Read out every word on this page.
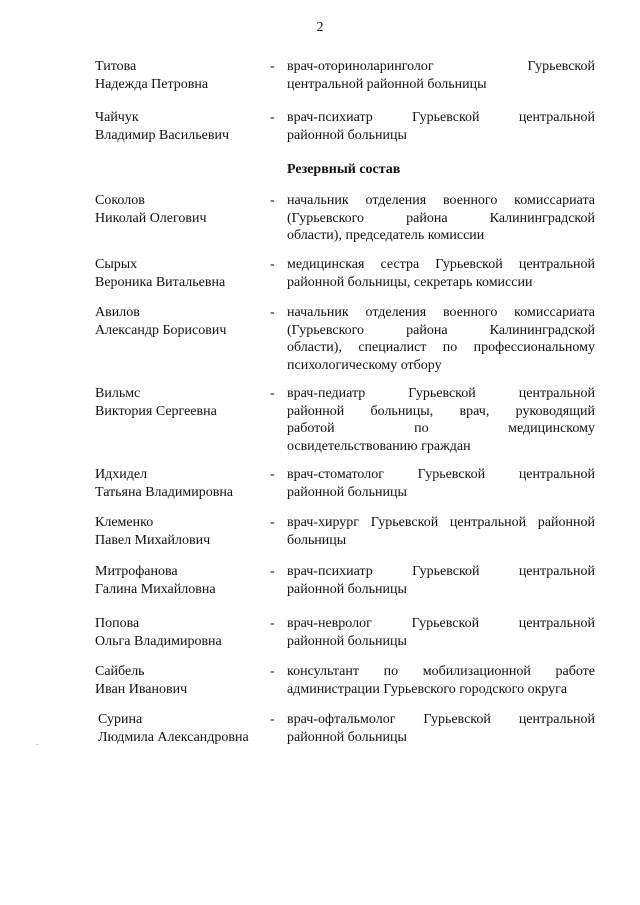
2
Титова
Надежда Петровна
- врач-оториноларинголог Гурьевской
центральной районной больницы
Чайчук
Владимир Васильевич
- врач-психиатр Гурьевской центральной
районной больницы
Резервный состав
Соколов
Николай Олегович
- начальник отделения военного комиссариата
(Гурьевского района Калининградской
области), председатель комиссии
Сырых
Вероника Витальевна
- медицинская сестра Гурьевской центральной
районной больницы, секретарь комиссии
Авилов
Александр Борисович
- начальник отделения военного комиссариата
(Гурьевского района Калининградской
области), специалист по профессиональному
психологическому отбору
Вильмс
Виктория Сергеевна
- врач-педиатр Гурьевской центральной
районной больницы, врач, руководящий
работой по медицинскому
освидетельствованию граждан
Идхидел
Татьяна Владимировна
- врач-стоматолог Гурьевской центральной
районной больницы
Клеменко
Павел Михайлович
- врач-хирург Гурьевской центральной районной
больницы
Митрофанова
Галина Михайловна
- врач-психиатр Гурьевской центральной
районной больницы
Попова
Ольга Владимировна
- врач-невролог Гурьевской центральной
районной больницы
Сайбель
Иван Иванович
- консультант по мобилизационной работе
администрации Гурьевского городского округа
Сурина
Людмила Александровна
- врач-офтальмолог Гурьевской центральной
районной больницы
